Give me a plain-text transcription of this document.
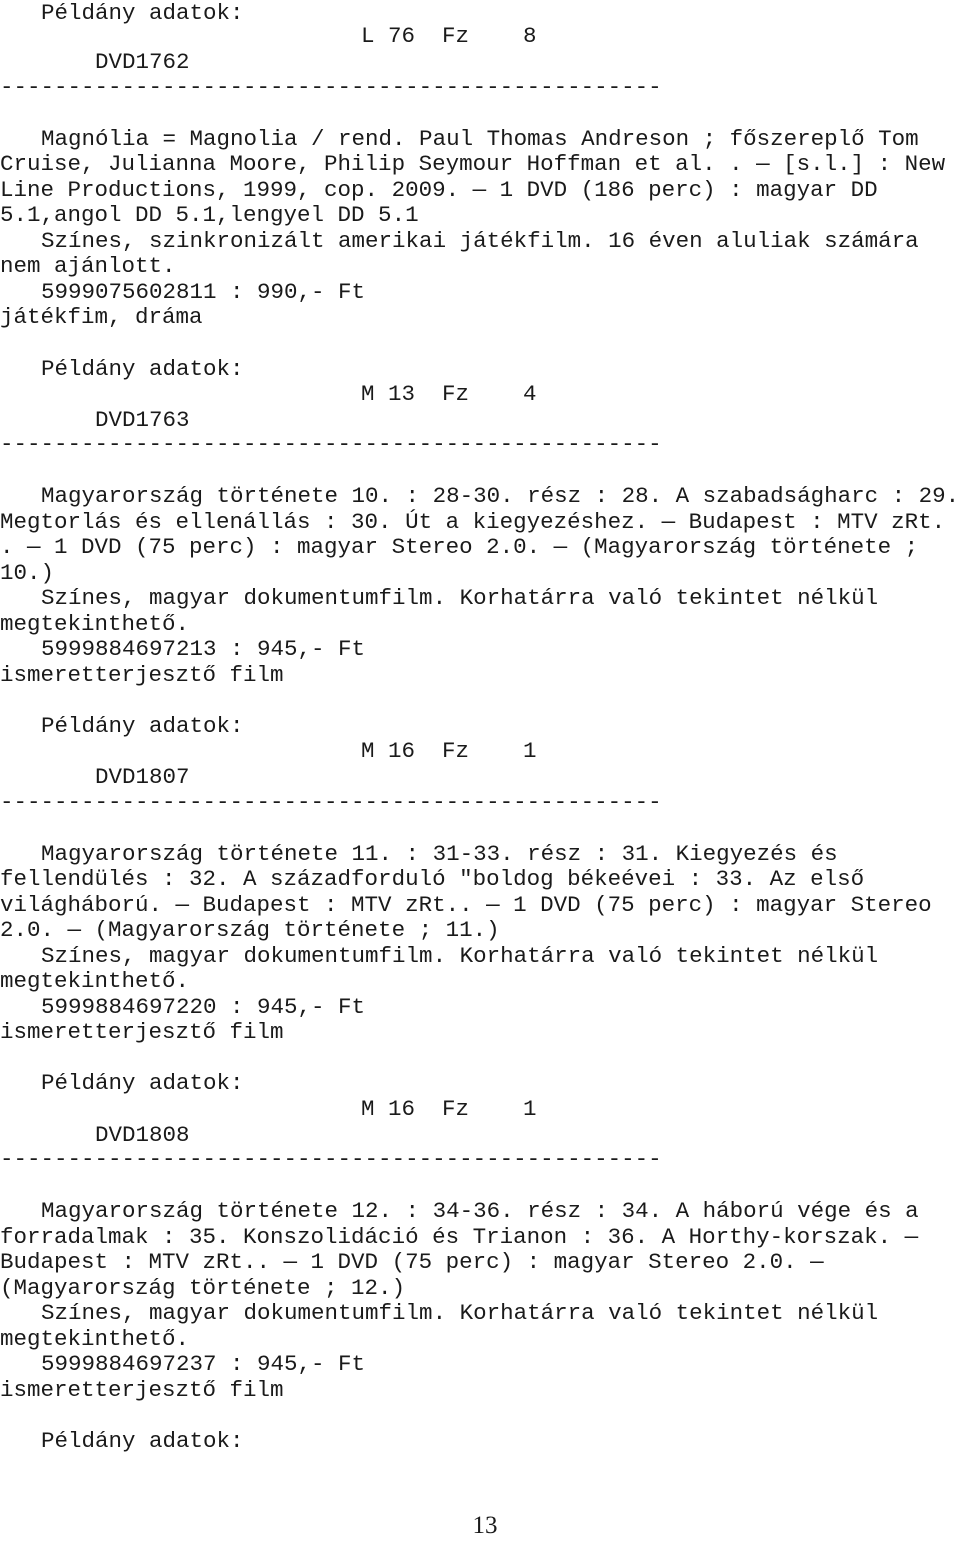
Példány adatok:

DVD1762

L 76

Fz

8

-------------------------------------------------
Magnólia = Magnolia / rend. Paul Thomas Andreson ; főszereplő Tom
Cruise, Julianna Moore, Philip Seymour Hoffman et al. . — [s.l.] : New
Line Productions, 1999, cop. 2009. — 1 DVD (186 perc) : magyar DD
5.1,angol DD 5.1,lengyel DD 5.1
Színes, szinkronizált amerikai játékfilm. 16 éven aluliak számára
nem ajánlott.
5999075602811 : 990,- Ft
játékfim, dráma
Példány adatok:

DVD1763

M 13

Fz

4

-------------------------------------------------
Magyarország története 10. : 28-30. rész : 28. A szabadságharc : 29.
Megtorlás és ellenállás : 30. Út a kiegyezéshez. — Budapest : MTV zRt.
. — 1 DVD (75 perc) : magyar Stereo 2.0. — (Magyarország története ;
10.)
Színes, magyar dokumentumfilm. Korhatárra való tekintet nélkül
megtekinthető.
5999884697213 : 945,- Ft
ismeretterjesztő film
Példány adatok:

DVD1807

M 16

Fz

1

-------------------------------------------------
Magyarország története 11. : 31-33. rész : 31. Kiegyezés és
fellendülés : 32. A századforduló "boldog békeévei : 33. Az első
világháború. — Budapest : MTV zRt.. — 1 DVD (75 perc) : magyar Stereo
2.0. — (Magyarország története ; 11.)
Színes, magyar dokumentumfilm. Korhatárra való tekintet nélkül
megtekinthető.
5999884697220 : 945,- Ft
ismeretterjesztő film
Példány adatok:

DVD1808

M 16

Fz

1

-------------------------------------------------
Magyarország története 12. : 34-36. rész : 34. A háború vége és a
forradalmak : 35. Konszolidáció és Trianon : 36. A Horthy-korszak. —
Budapest : MTV zRt.. — 1 DVD (75 perc) : magyar Stereo 2.0. —
(Magyarország története ; 12.)
Színes, magyar dokumentumfilm. Korhatárra való tekintet nélkül
megtekinthető.
5999884697237 : 945,- Ft
ismeretterjesztő film
Példány adatok:
13
